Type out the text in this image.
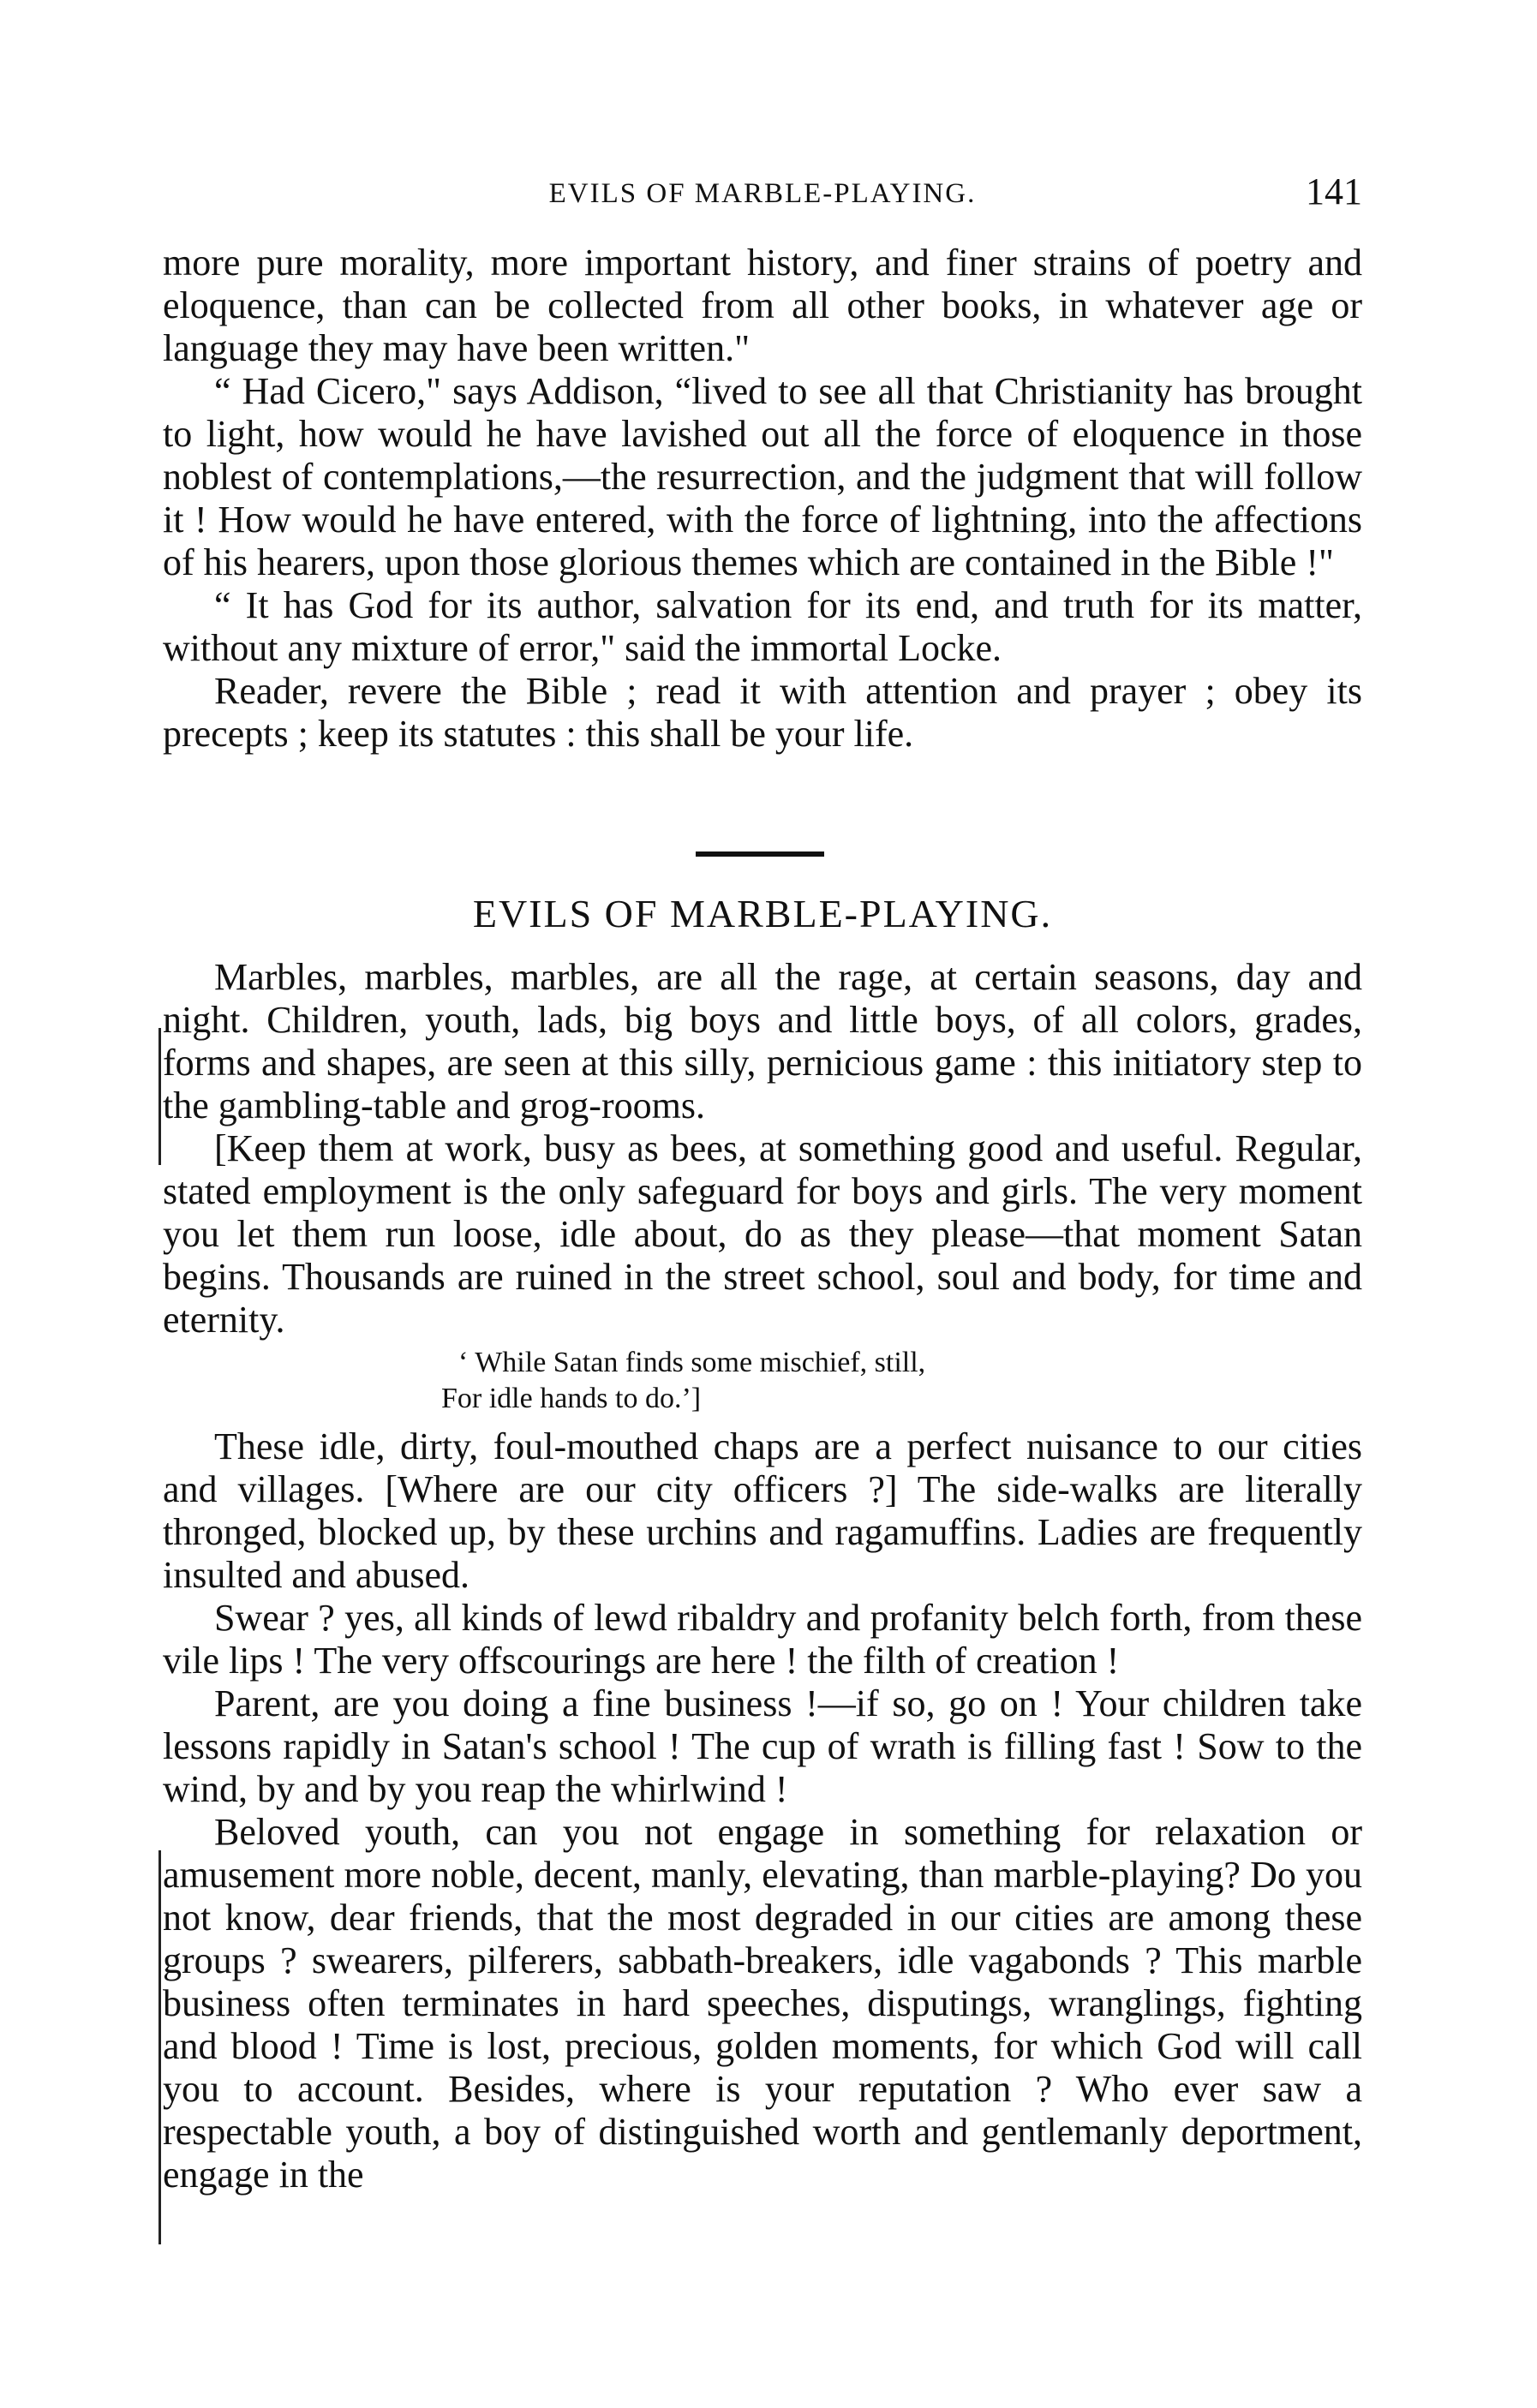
EVILS OF MARBLE-PLAYING.	141

more pure morality, more important history, and finer strains of poetry and eloquence, than can be collected from all other books, in whatever age or language they may have been written."

“ Had Cicero," says Addison, “lived to see all that Christianity has brought to light, how would he have lavished out all the force of eloquence in those noblest of contemplations,—the resurrection, and the judgment that will follow it ! How would he have entered, with the force of lightning, into the affections of his hearers, upon those glorious themes which are contained in the Bible !"

“ It has God for its author, salvation for its end, and truth for its matter, without any mixture of error," said the immortal Locke.

Reader, revere the Bible ; read it with attention and prayer ; obey its precepts ; keep its statutes : this shall be your life.

EVILS OF MARBLE-PLAYING.

Marbles, marbles, marbles, are all the rage, at certain seasons, day and night. Children, youth, lads, big boys and little boys, of all colors, grades, forms and shapes, are seen at this silly, pernicious game : this initiatory step to the gambling-table and grog-rooms.

[Keep them at work, busy as bees, at something good and useful. Regular, stated employment is the only safeguard for boys and girls. The very moment you let them run loose, idle about, do as they please—that moment Satan begins. Thousands are ruined in the street school, soul and body, for time and eternity.

‘ While Satan finds some mischief, still,
For idle hands to do.’]

These idle, dirty, foul-mouthed chaps are a perfect nuisance to our cities and villages. [Where are our city officers ?] The side-walks are literally thronged, blocked up, by these urchins and ragamuffins. Ladies are frequently insulted and abused.

Swear ? yes, all kinds of lewd ribaldry and profanity belch forth, from these vile lips ! The very offscourings are here ! the filth of creation !

Parent, are you doing a fine business !—if so, go on ! Your children take lessons rapidly in Satan's school ! The cup of wrath is filling fast ! Sow to the wind, by and by you reap the whirlwind !

Beloved youth, can you not engage in something for relaxation or amusement more noble, decent, manly, elevating, than marble-playing? Do you not know, dear friends, that the most degraded in our cities are among these groups ? swearers, pilferers, sabbath-breakers, idle vagabonds ? This marble business often terminates in hard speeches, disputings, wranglings, fighting and blood ! Time is lost, precious, golden moments, for which God will call you to account. Besides, where is your reputation ? Who ever saw a respectable youth, a boy of distinguished worth and gentlemanly deportment, engage in the
